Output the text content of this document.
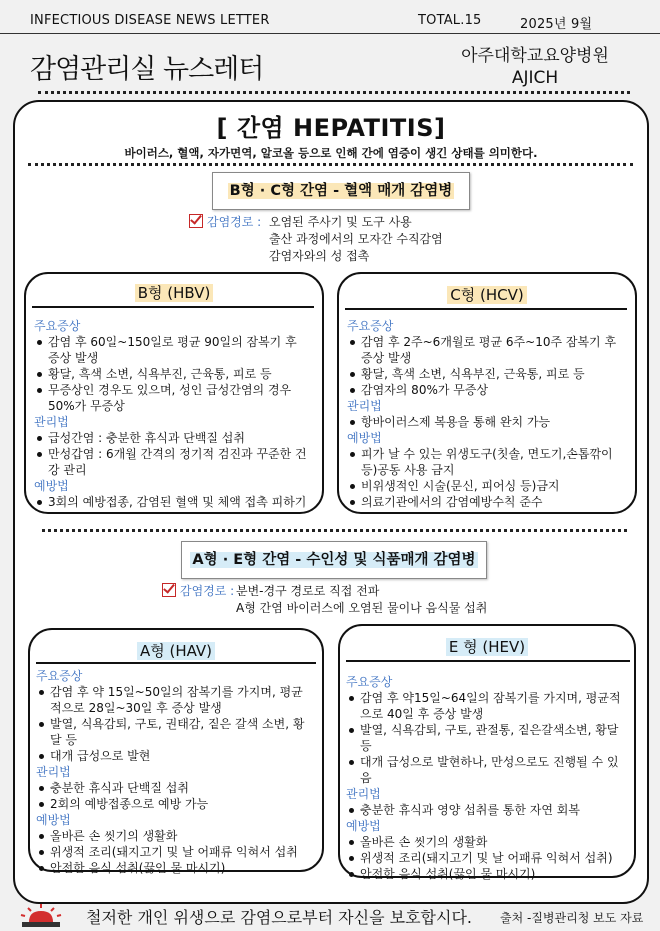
INFECTIOUS DISEASE NEWS LETTER	TOTAL.15	2025년 9월
감염관리실 뉴스레터	아주대학교요양병원
AJICH
[ 간염 HEPATITIS]
바이러스, 혈액, 자가면역, 알코올 등으로 인해 간에 염증이 생긴 상태를 의미한다.
B형 · C형 간염 - 혈액 매개 감염병
감염경로 : 오염된 주사기 및 도구 사용
출산 과정에서의 모자간 수직감염
감염자와의 성 접촉
B형 (HBV)
주요증상
감염 후 60일~150일로 평균 90일의 잠복기 후 증상 발생
황달, 흑색 소변, 식욕부진, 근육통, 피로 등
무증상인 경우도 있으며, 성인 급성간염의 경우 50%가 무증상
관리법
급성간염 : 충분한 휴식과 단백질 섭취
만성갑염 : 6개월 간격의 정기적 검진과 꾸준한 건강 관리
예방법
3회의 예방접종, 감염된 혈액 및 체액 접촉 피하기
C형 (HCV)
주요증상
감염 후 2주~6개월로 평균 6주~10주 잠복기 후 증상 발생
황달, 흑색 소변, 식욕부진, 근육통, 피로 등
감염자의 80%가 무증상
관리법
항바이러스제 복용을 통해 완치 가능
예방법
피가 날 수 있는 위생도구(칫솔, 면도기,손톱깎이 등)공동 사용 금지
비위생적인 시술(문신, 피어싱 등)금지
의료기관에서의 감염예방수칙 준수
A형 · E형 간염 - 수인성 및 식품매개 감염병
감염경로 : 분변-경구 경로로 직접 전파
A형 간염 바이러스에 오염된 물이나 음식물 섭취
A형 (HAV)
주요증상
감염 후 약 15일~50일의 잠복기를 가지며, 평균적으로 28일~30일 후 증상 발생
발열, 식욕감퇴, 구토, 권태감, 짙은 갈색 소변, 황달 등
대개 급성으로 발현
관리법
충분한 휴식과 단백질 섭취
2회의 예방접종으로 예방 가능
예방법
올바른 손 씻기의 생활화
위생적 조리(돼지고기 및 날 어패류 익혀서 섭취
안전한 음식 섭취(끓인 물 마시기)
E 형 (HEV)
주요증상
감염 후 약15일~64일의 잠복기를 가지며, 평균적으로 40일 후 증상 발생
발열, 식욕감퇴, 구토, 관절통, 짙은갈색소변, 황달 등
대개 급성으로 발현하나, 만성으로도 진행될 수 있음
관리법
충분한 휴식과 영양 섭취를 통한 자연 회복
예방법
올바른 손 씻기의 생활화
위생적 조리(돼지고기 및 날 어패류 익혀서 섭취)
안전한 음식 섭취(끓인 물 마시기)
철저한 개인 위생으로 감염으로부터 자신을 보호합시다. 출처 -질병관리청 보도 자료
